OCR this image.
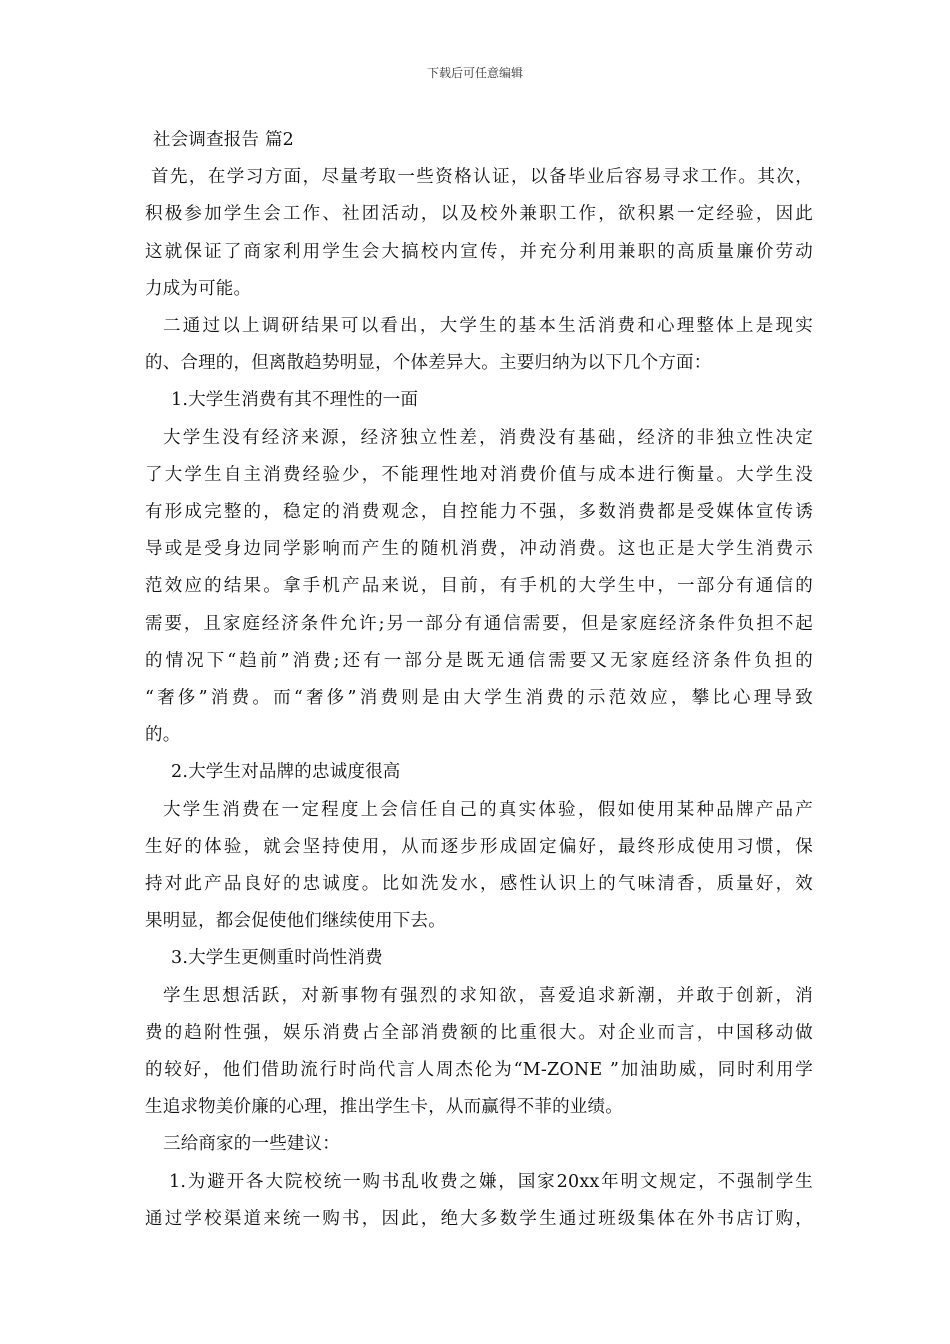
下载后可任意编辑
社会调查报告 篇2
首先，在学习方面，尽量考取一些资格认证，以备毕业后容易寻求工作。其次，
积极参加学生会工作、社团活动，以及校外兼职工作，欲积累一定经验，因此
这就保证了商家利用学生会大搞校内宣传，并充分利用兼职的高质量廉价劳动
力成为可能。
二通过以上调研结果可以看出，大学生的基本生活消费和心理整体上是现实
的、合理的，但离散趋势明显，个体差异大。主要归纳为以下几个方面：
1.大学生消费有其不理性的一面
大学生没有经济来源，经济独立性差，消费没有基础，经济的非独立性决定
了大学生自主消费经验少，不能理性地对消费价值与成本进行衡量。大学生没
有形成完整的，稳定的消费观念，自控能力不强，多数消费都是受媒体宣传诱
导或是受身边同学影响而产生的随机消费，冲动消费。这也正是大学生消费示
范效应的结果。拿手机产品来说，目前，有手机的大学生中，一部分有通信的
需要，且家庭经济条件允许;另一部分有通信需要，但是家庭经济条件负担不起
的情况下“趋前”消费;还有一部分是既无通信需要又无家庭经济条件负担的
“奢侈”消费。而“奢侈”消费则是由大学生消费的示范效应，攀比心理导致
的。
2.大学生对品牌的忠诚度很高
大学生消费在一定程度上会信任自己的真实体验，假如使用某种品牌产品产
生好的体验，就会坚持使用，从而逐步形成固定偏好，最终形成使用习惯，保
持对此产品良好的忠诚度。比如洗发水，感性认识上的气味清香，质量好，效
果明显，都会促使他们继续使用下去。
3.大学生更侧重时尚性消费
学生思想活跃，对新事物有强烈的求知欲，喜爱追求新潮，并敢于创新，消
费的趋附性强，娱乐消费占全部消费额的比重很大。对企业而言，中国移动做
的较好，他们借助流行时尚代言人周杰伦为“M-ZONE ”加油助威，同时利用学
生追求物美价廉的心理，推出学生卡，从而赢得不菲的业绩。
三给商家的一些建议：
1.为避开各大院校统一购书乱收费之嫌，国家20xx年明文规定，不强制学生
通过学校渠道来统一购书，因此，绝大多数学生通过班级集体在外书店订购，
